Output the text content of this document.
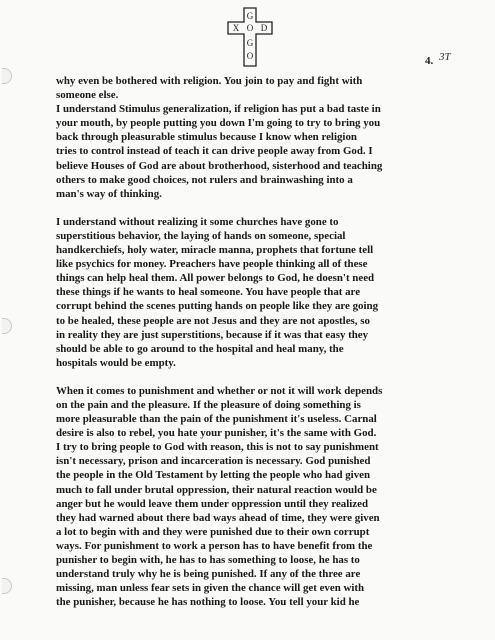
G
X O D
G
O	4. 3T
why even be bothered with religion. You join to pay and fight with
someone else.
I understand Stimulus generalization, if religion has put a bad taste in
your mouth, by people putting you down I'm going to try to bring you
back through pleasurable stimulus because I know when religion
tries to control instead of teach it can drive people away from God. I
believe Houses of God are about brotherhood, sisterhood and teaching
others to make good choices, not rulers and brainwashing into a
man's way of thinking.
I understand without realizing it some churches have gone to
superstitious behavior, the laying of hands on someone, special
handkerchiefs, holy water, miracle manna, prophets that fortune tell
like psychics for money. Preachers have people thinking all of these
things can help heal them. All power belongs to God, he doesn't need
these things if he wants to heal someone. You have people that are
corrupt behind the scenes putting hands on people like they are going
to be healed, these people are not Jesus and they are not apostles, so
in reality they are just superstitions, because if it was that easy they
should be able to go around to the hospital and heal many, the
hospitals would be empty.
When it comes to punishment and whether or not it will work depends
on the pain and the pleasure. If the pleasure of doing something is
more pleasurable than the pain of the punishment it's useless. Carnal
desire is also to rebel, you hate your punisher, it's the same with God.
I try to bring people to God with reason, this is not to say punishment
isn't necessary, prison and incarceration is necessary. God punished
the people in the Old Testament by letting the people who had given
much to fall under brutal oppression, their natural reaction would be
anger but he would leave them under oppression until they realized
they had warned about there bad ways ahead of time, they were given
a lot to begin with and they were punished due to their own corrupt
ways. For punishment to work a person has to have benefit from the
punisher to begin with, he has to has something to loose, he has to
understand truly why he is being punished. If any of the three are
missing, man unless fear sets in given the chance will get even with
the punisher, because he has nothing to loose. You tell your kid he
